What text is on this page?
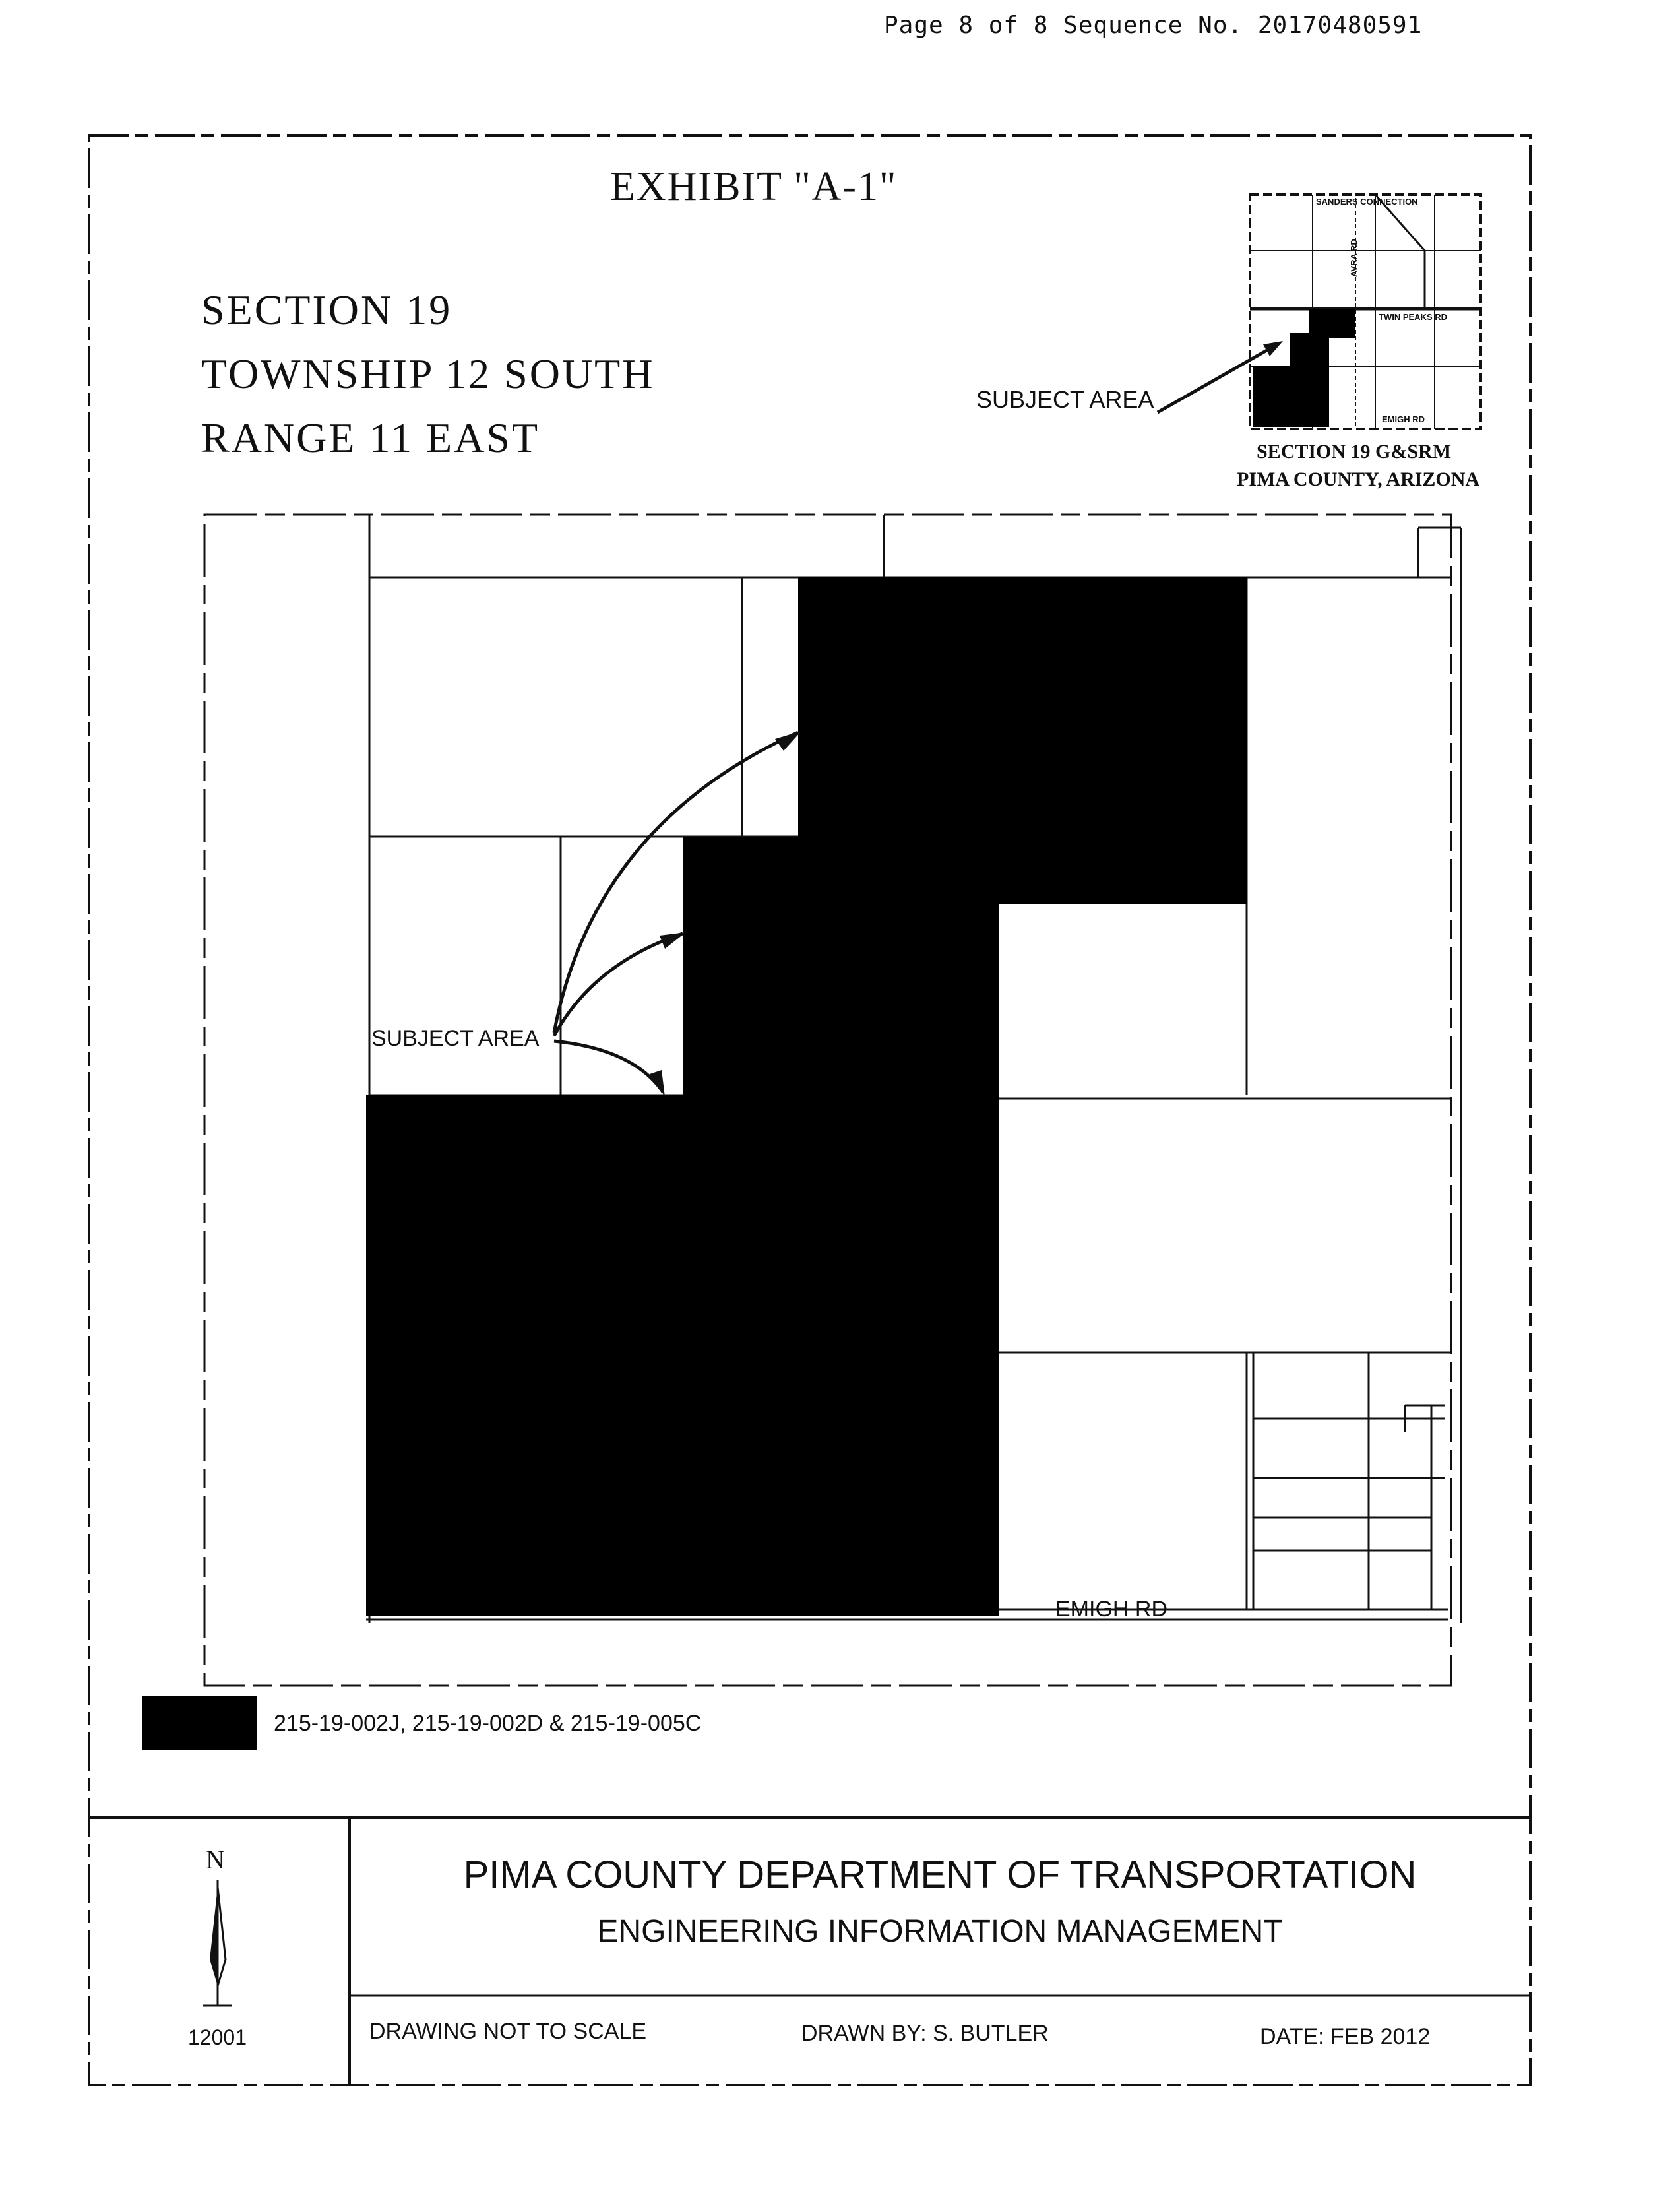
Page 8 of 8 Sequence No. 20170480591
EXHIBIT "A-1"
SECTION 19
TOWNSHIP 12 SOUTH
RANGE 11 EAST
SUBJECT AREA
SANDERS CONNECTION
AVRA RD
TWIN PEAKS RD
EMIGH RD
SECTION 19 G&SRM
PIMA COUNTY, ARIZONA
SUBJECT AREA
EMIGH RD
215-19-002J, 215-19-002D & 215-19-005C
N
12001
PIMA COUNTY DEPARTMENT OF TRANSPORTATION
ENGINEERING INFORMATION MANAGEMENT
DRAWING NOT TO SCALE	DRAWN BY: S. BUTLER	DATE: FEB 2012
